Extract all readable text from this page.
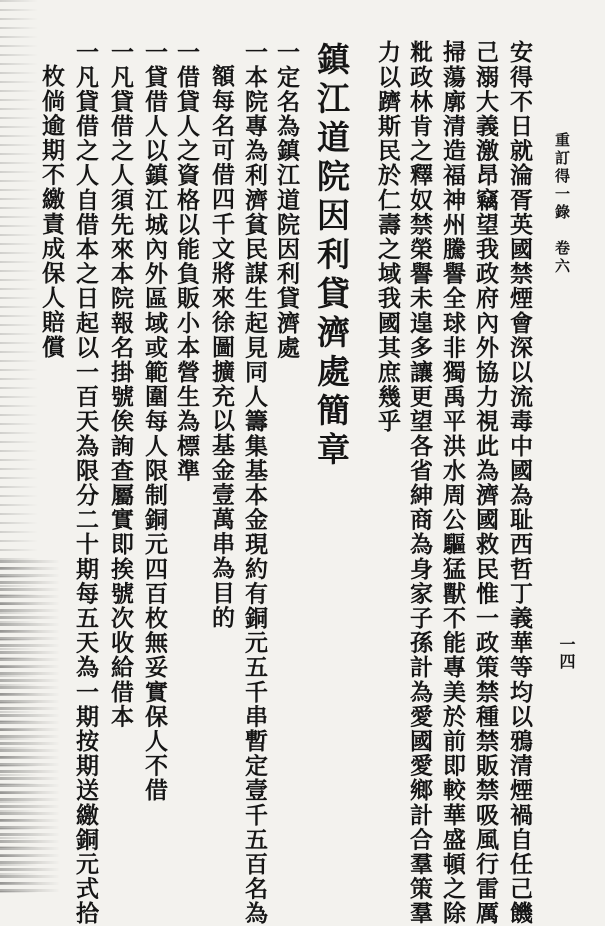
重訂得一錄　卷六
一四
安得不日就淪胥英國禁煙會深以流毒中國為耻西哲丁義華等均以鴉清煙禍自任己饑
己溺大義激昂竊望我政府內外協力視此為濟國救民惟一政策禁種禁販禁吸風行雷厲
掃蕩廓清造福神州騰譽全球非獨禹平洪水周公驅猛獸不能專美於前即較華盛頓之除
粃政林肯之釋奴禁榮譽未遑多讓更望各省紳商為身家子孫計為愛國愛鄉計合羣策羣
力以躋斯民於仁壽之域我國其庶幾乎
鎮江道院因利貸濟處簡章
一定名為鎮江道院因利貸濟處
一本院專為利濟貧民謀生起見同人籌集基本金現約有銅元五千串暫定壹千五百名為
額每名可借四千文將來徐圖擴充以基金壹萬串為目的
一借貸人之資格以能負販小本營生為標準
一貸借人以鎮江城內外區域或範圍每人限制銅元四百枚無妥實保人不借
一凡貸借之人須先來本院報名掛號俟詢查屬實即挨號次收給借本
一凡貸借之人自借本之日起以一百天為限分二十期每五天為一期按期送繳銅元式拾
枚倘逾期不繳責成保人賠償
